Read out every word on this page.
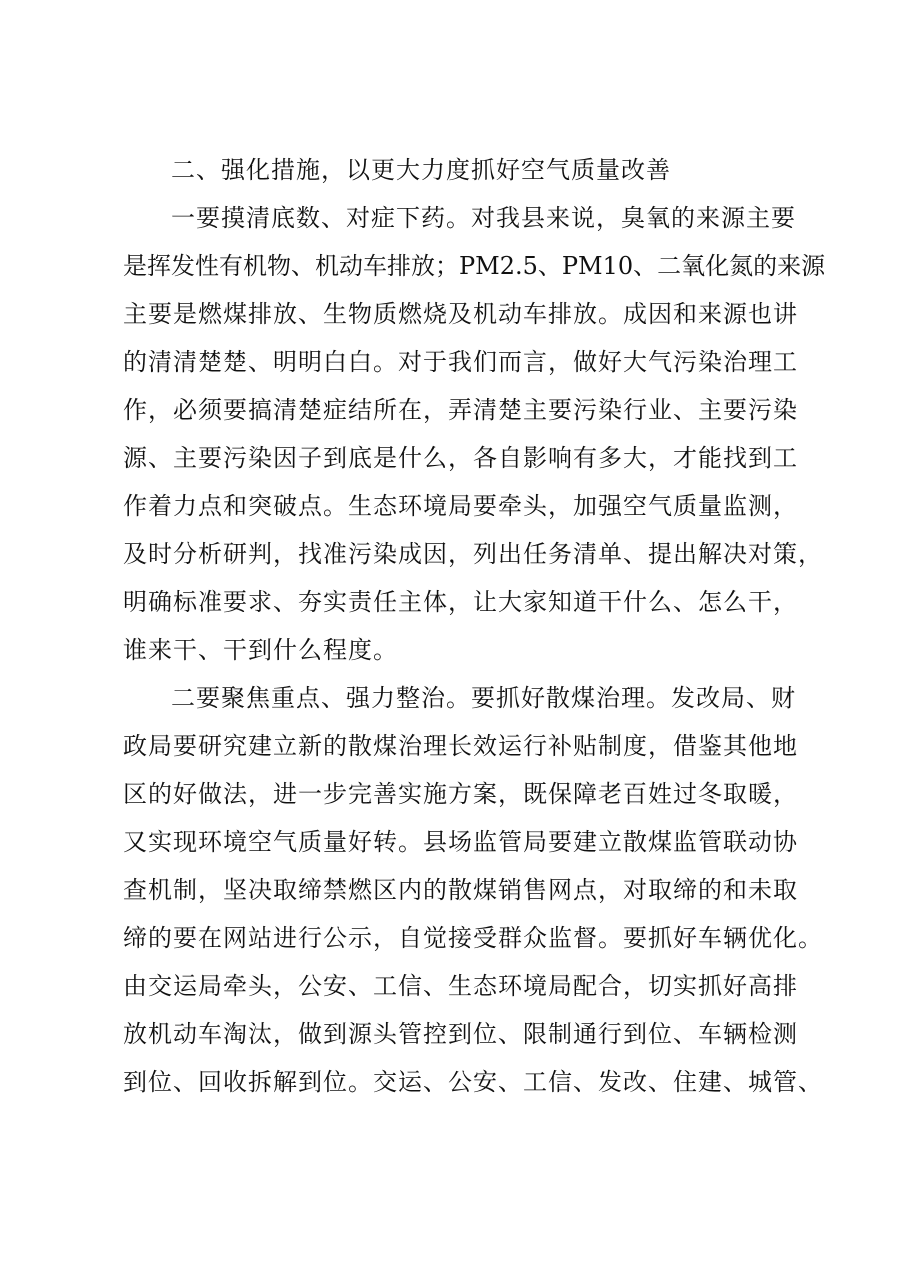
二、强化措施，以更大力度抓好空气质量改善

一要摸清底数、对症下药。对我县来说，臭氧的来源主要
是挥发性有机物、机动车排放；PM2.5、PM10、二氧化氮的来源
主要是燃煤排放、生物质燃烧及机动车排放。成因和来源也讲
的清清楚楚、明明白白。对于我们而言，做好大气污染治理工
作，必须要搞清楚症结所在，弄清楚主要污染行业、主要污染
源、主要污染因子到底是什么，各自影响有多大，才能找到工
作着力点和突破点。生态环境局要牵头，加强空气质量监测，
及时分析研判，找准污染成因，列出任务清单、提出解决对策，
明确标准要求、夯实责任主体，让大家知道干什么、怎么干，
谁来干、干到什么程度。

二要聚焦重点、强力整治。要抓好散煤治理。发改局、财
政局要研究建立新的散煤治理长效运行补贴制度，借鉴其他地
区的好做法，进一步完善实施方案，既保障老百姓过冬取暖，
又实现环境空气质量好转。县场监管局要建立散煤监管联动协
查机制，坚决取缔禁燃区内的散煤销售网点，对取缔的和未取
缔的要在网站进行公示，自觉接受群众监督。要抓好车辆优化。
由交运局牵头，公安、工信、生态环境局配合，切实抓好高排
放机动车淘汰，做到源头管控到位、限制通行到位、车辆检测
到位、回收拆解到位。交运、公安、工信、发改、住建、城管、
